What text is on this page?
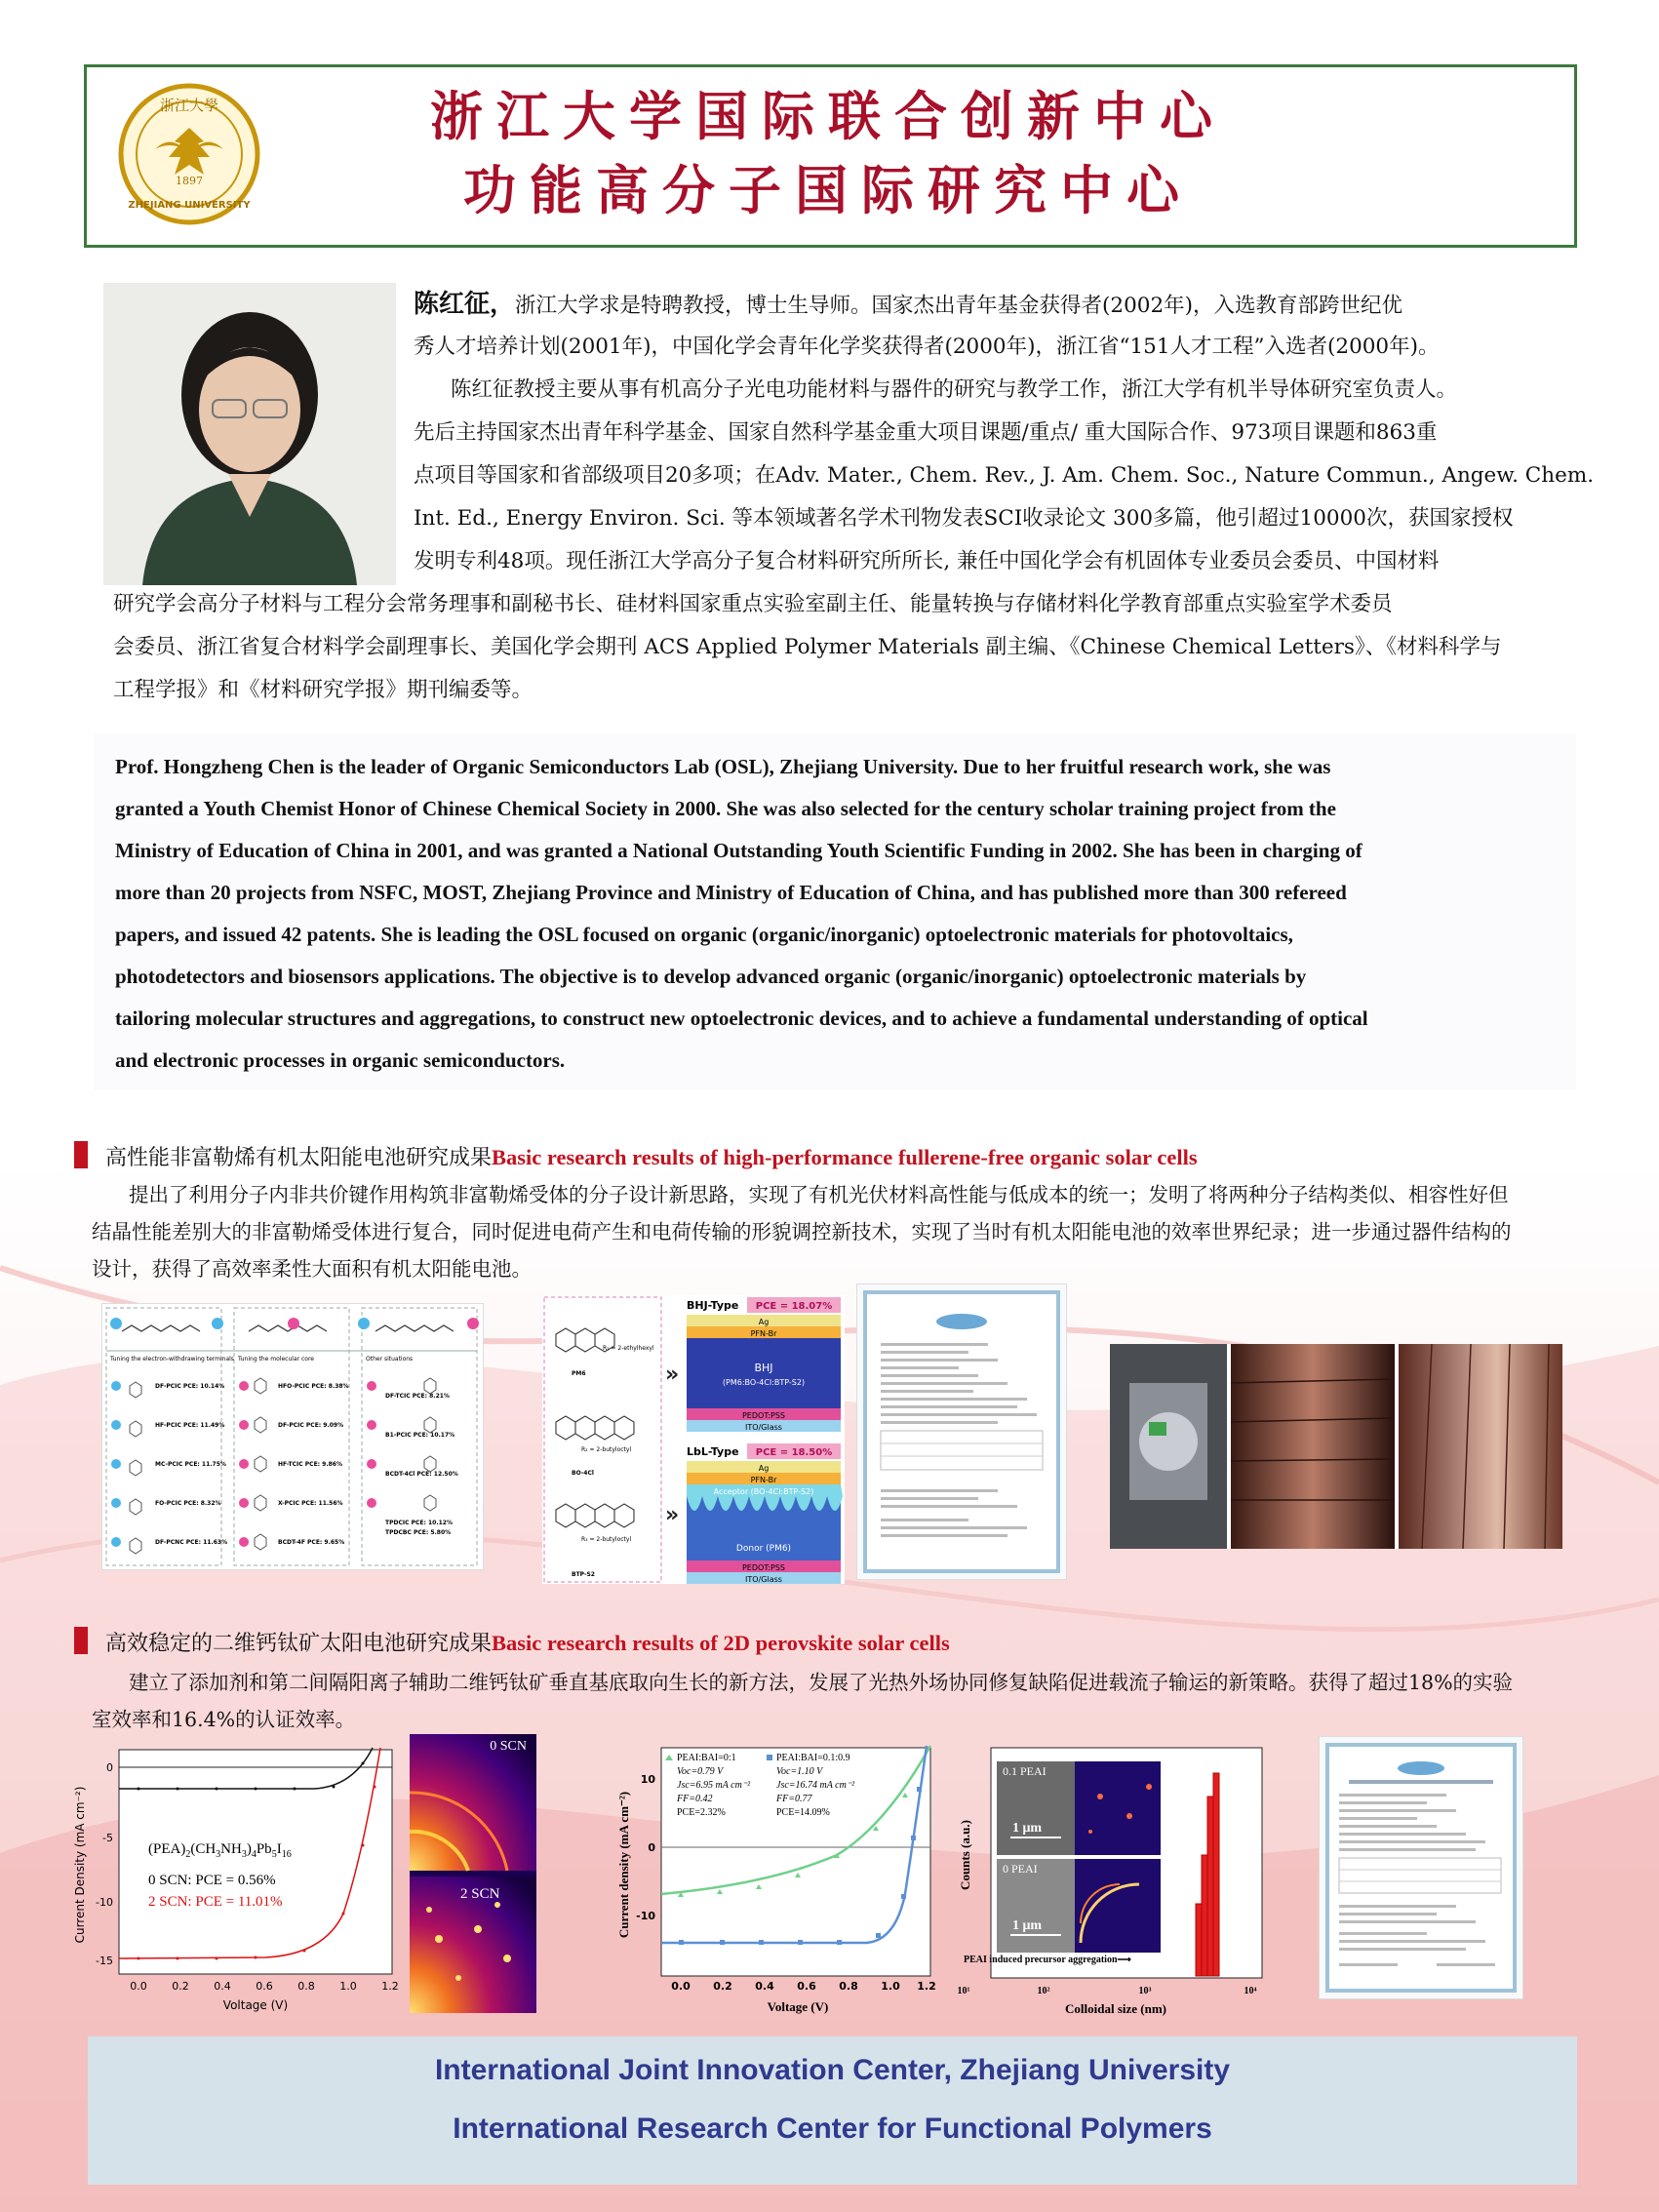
1897
浙江大學
ZHEJIANG UNIVERSITY
浙江大学国际联合创新中心
功能高分子国际研究中心
陈红征，浙江大学求是特聘教授，博士生导师。国家杰出青年基金获得者(2002年)，入选教育部跨世纪优
秀人才培养计划(2001年)，中国化学会青年化学奖获得者(2000年)，浙江省“151人才工程”入选者(2000年)。
陈红征教授主要从事有机高分子光电功能材料与器件的研究与教学工作，浙江大学有机半导体研究室负责人。
先后主持国家杰出青年科学基金、国家自然科学基金重大项目课题/重点/ 重大国际合作、973项目课题和863重
点项目等国家和省部级项目20多项；在Adv. Mater., Chem. Rev., J. Am. Chem. Soc., Nature Commun., Angew. Chem.
Int. Ed., Energy Environ. Sci. 等本领域著名学术刊物发表SCI收录论文 300多篇，他引超过10000次，获国家授权
发明专利48项。现任浙江大学高分子复合材料研究所所长, 兼任中国化学会有机固体专业委员会委员、中国材料
研究学会高分子材料与工程分会常务理事和副秘书长、硅材料国家重点实验室副主任、能量转换与存储材料化学教育部重点实验室学术委员
会委员、浙江省复合材料学会副理事长、美国化学会期刊 ACS Applied Polymer Materials 副主编、《Chinese Chemical Letters》、《材料科学与
工程学报》和《材料研究学报》期刊编委等。
Prof. Hongzheng Chen is the leader of Organic Semiconductors Lab (OSL), Zhejiang University. Due to her fruitful research work, she was
granted a Youth Chemist Honor of Chinese Chemical Society in 2000. She was also selected for the century scholar training project from the
Ministry of Education of China in 2001, and was granted a National Outstanding Youth Scientific Funding in 2002. She has been in charging of
more than 20 projects from NSFC, MOST, Zhejiang Province and Ministry of Education of China, and has published more than 300 refereed
papers, and issued 42 patents. She is leading the OSL focused on organic (organic/inorganic) optoelectronic materials for photovoltaics,
photodetectors and biosensors applications. The objective is to develop advanced organic (organic/inorganic) optoelectronic materials by
tailoring molecular structures and aggregations, to construct new optoelectronic devices, and to achieve a fundamental understanding of optical
and electronic processes in organic semiconductors.
高性能非富勒烯有机太阳能电池研究成果Basic research results of high-performance fullerene-free organic solar cells
提出了利用分子内非共价键作用构筑非富勒烯受体的分子设计新思路，实现了有机光伏材料高性能与低成本的统一；发明了将两种分子结构类似、相容性好但
结晶性能差别大的非富勒烯受体进行复合，同时促进电荷产生和电荷传输的形貌调控新技术，实现了当时有机太阳能电池的效率世界纪录；进一步通过器件结构的
设计，获得了高效率柔性大面积有机太阳能电池。
Tuning the electron-withdrawing terminals Tuning the molecular core	Other situations
DF-PCIC PCE: 10.14%
HF-PCIC PCE: 11.49%
MC-PCIC PCE: 11.75%
FO-PCIC PCE: 8.32%
DF-PCNC PCE: 11.63%
HFO-PCIC PCE: 8.38%
DF-PCIC PCE: 9.09%
HF-TCIC PCE: 9.86%
X-PCIC PCE: 11.56%
BCDT-4F PCE: 9.65%
DF-TCIC PCE: 8.21%
B1-PCIC PCE: 10.17%
BCDT-4Cl PCE: 12.50%
TPDCIC PCE: 10.12%
TPDCBC PCE: 5.80%
R₁ = 2-ethylhexyl
PM6
R₂ = 2-butyloctyl
BO-4Cl
R₃ = 2-butyloctyl
BTP-S2
»
»
BHJ-Type PCE = 18.07%
Ag
PFN-Br
BHJ
(PM6:BO-4Cl:BTP-S2)
PEDOT:PSS
ITO/Glass
LbL-Type PCE = 18.50%
Ag
PFN-Br
Acceptor (BO-4Cl:BTP-S2)
Donor (PM6)
PEDOT:PSS
ITO/Glass
高效稳定的二维钙钛矿太阳电池研究成果Basic research results of 2D perovskite solar cells
建立了添加剂和第二间隔阳离子辅助二维钙钛矿垂直基底取向生长的新方法，发展了光热外场协同修复缺陷促进载流子输运的新策略。获得了超过18%的实验
室效率和16.4%的认证效率。
0
-5
-10
-15
0.0 0.2 0.4 0.6 0.8 1.0 1.2
Voltage (V)
Current Density (mA cm⁻²)	$(PEA)_2(CH_3NH_3)_4Pb_5I_{16}$
0 SCN: PCE = 0.56%
2 SCN: PCE = 11.01%
0 SCN
2 SCN
10
0
-10
0.0 0.2 0.4 0.6 0.8 1.0 1.2
Voltage (V)
Current density (mA cm⁻²)
PEAI:BAI=0:1	PEAI:BAI=0.1:0.9
Voc=0.79 V
Jsc=6.95 mA cm⁻²
FF=0.42
PCE=2.32%
Voc=1.10 V
Jsc=16.74 mA cm⁻²
FF=0.77
PCE=14.09%
0.1 PEAI
0 PEAI
1 μm
1 μm
PEAI induced precursor aggregation⟶
10¹	10²	10³	10⁴
Colloidal size (nm)
Counts (a.u.)
International Joint Innovation Center, Zhejiang University
International Research Center for Functional Polymers
